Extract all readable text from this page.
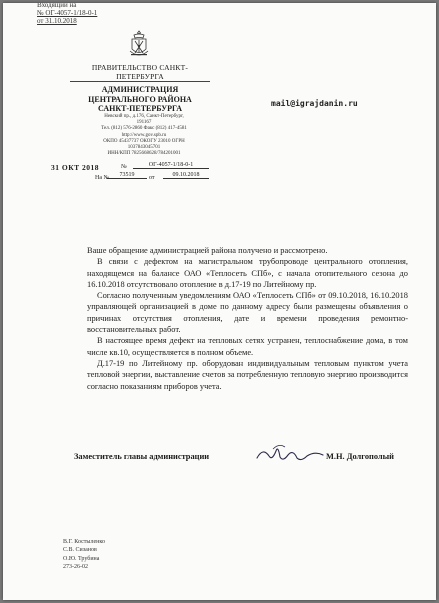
Входящий на
№ ОГ-4057-1/18-0-1
от 31.10.2018
ПРАВИТЕЛЬСТВО САНКТ-ПЕТЕРБУРГА
АДМИНИСТРАЦИЯ
ЦЕНТРАЛЬНОГО РАЙОНА
САНКТ-ПЕТЕРБУРГА
Невский пр., д.176, Санкт-Петербург, 191167
Тел. (812) 576-2860 Факс (812) 417-4581
http://www.gov.spb.ru
ОКПО 45437737 ОКОГУ 23010 ОГРН 1037843045701
ИНН/КПП 7825668628/784201001
31 ОКТ 2018	№	ОГ-4057-1/18-0-1
На №	73519	от	09.10.2018
mail@igrajdanin.ru

Ваше обращение администрацией района получено и рассмотрено.

В связи с дефектом на магистральном трубопроводе центрального отопления, находящемся на балансе ОАО «Теплосеть СПб», с начала отопительного сезона до 16.10.2018 отсутствовало отопление в д.17-19 по Литейному пр.

Согласно полученным уведомлениям ОАО «Теплосеть СПб» от 09.10.2018, 16.10.2018 управляющей организацией в доме по данному адресу были размещены объявления о причинах отсутствия отопления, дате и времени проведения ремонтно-восстановительных работ.

В настоящее время дефект на тепловых сетях устранен, теплоснабжение дома, в том числе кв.10, осуществляется в полном объеме.

Д.17-19 по Литейному пр. оборудован индивидуальным тепловым пунктом учета тепловой энергии, выставление счетов за потребленную тепловую энергию производится согласно показаниям приборов учета.

Заместитель главы администрации	М.Н. Долгополый
В.Г. Костыленко
С.В. Сизанов
О.Ю. Трубина
273-26-02
